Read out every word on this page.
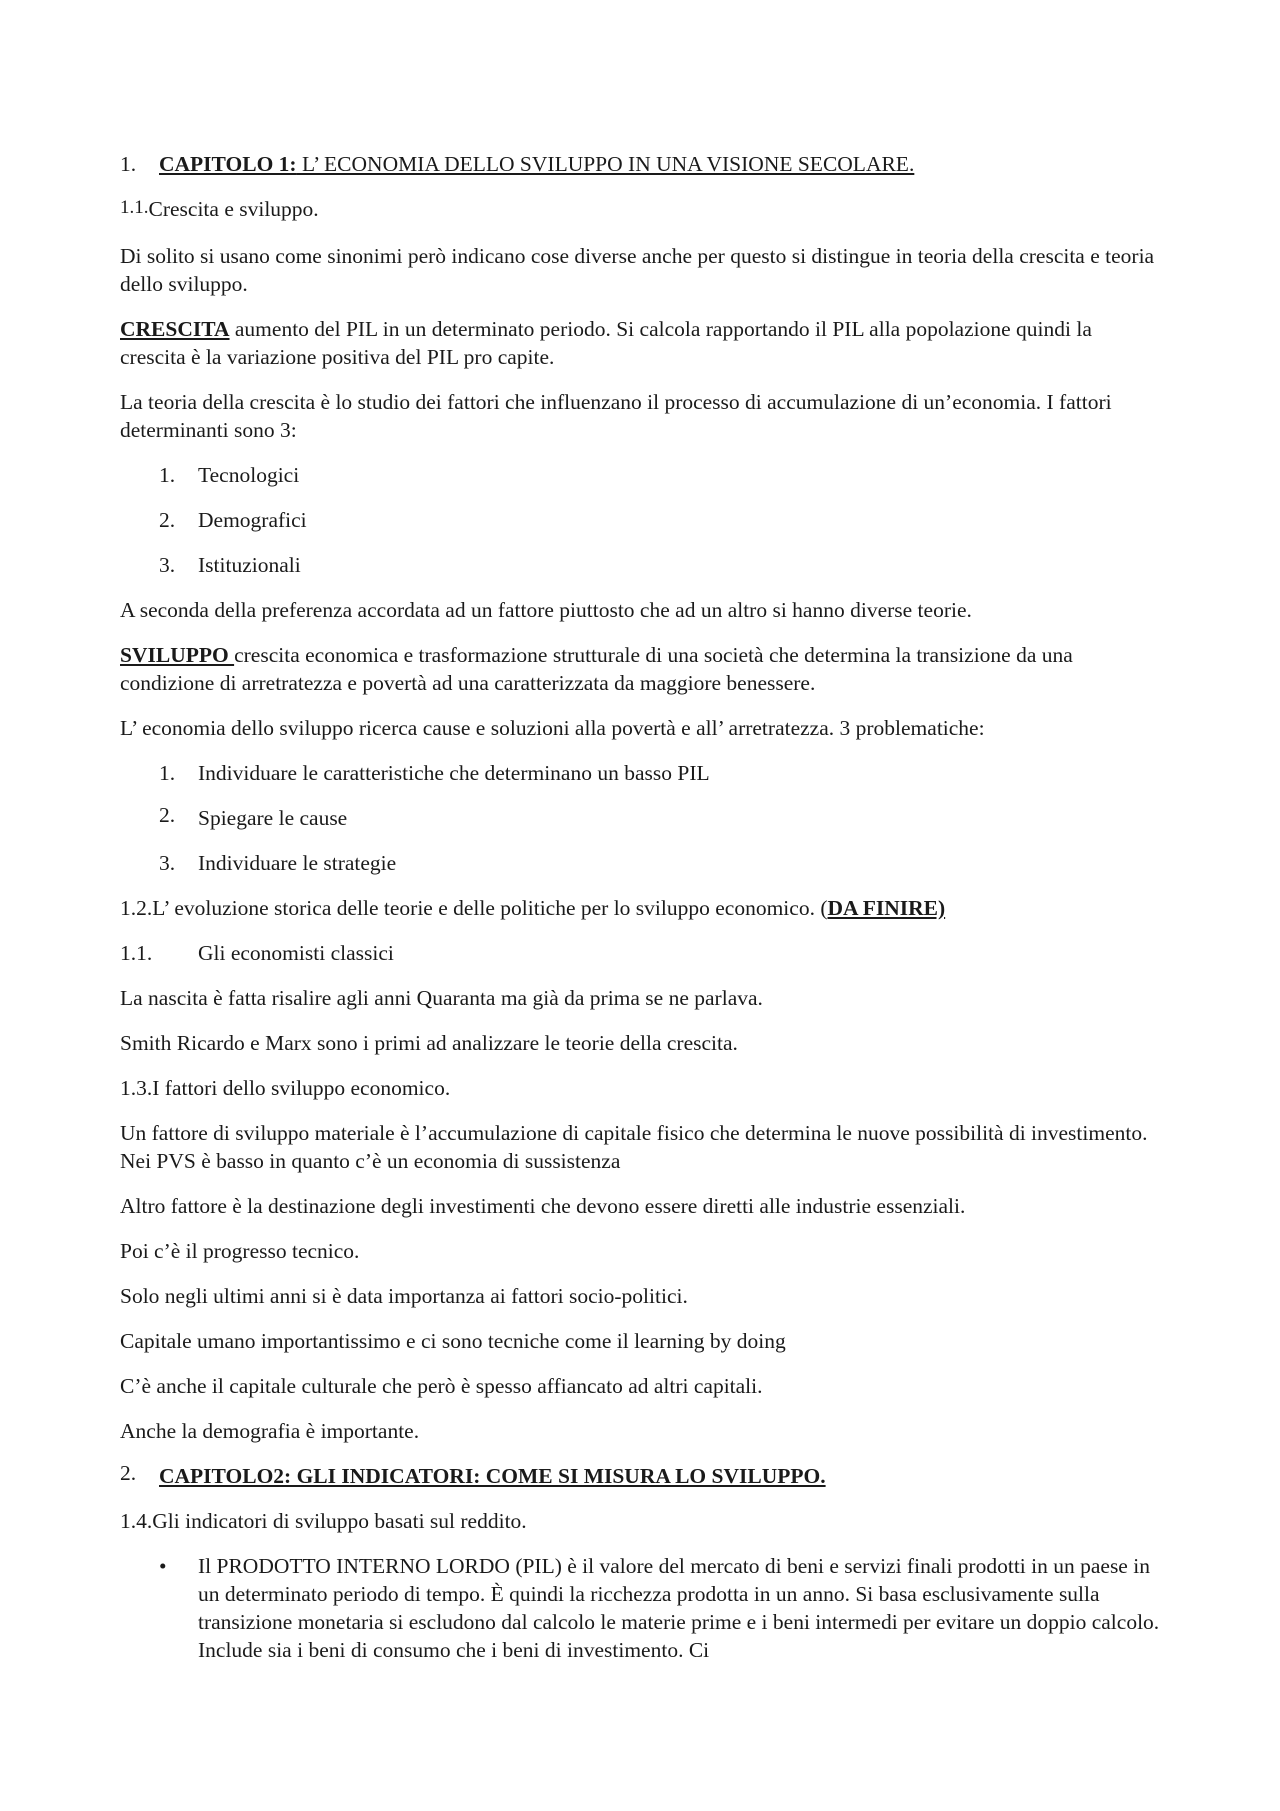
1.	CAPITOLO 1: L’ ECONOMIA DELLO SVILUPPO IN UNA VISIONE SECOLARE.
1.1.Crescita e sviluppo.

Di solito si usano come sinonimi però indicano cose diverse anche per questo si distingue in teoria della crescita e teoria dello sviluppo.

CRESCITA aumento del PIL in un determinato periodo. Si calcola rapportando il PIL alla popolazione quindi la crescita è la variazione positiva del PIL pro capite.

La teoria della crescita è lo studio dei fattori che influenzano il processo di accumulazione di un’economia. I fattori determinanti sono 3:

1.	Tecnologici
2.	Demografici
3.	Istituzionali

A seconda della preferenza accordata ad un fattore piuttosto che ad un altro si hanno diverse teorie.

SVILUPPO crescita economica e trasformazione strutturale di una società che determina la transizione da una condizione di arretratezza e povertà ad una caratterizzata da maggiore benessere.

L’ economia dello sviluppo ricerca cause e soluzioni alla povertà e all’ arretratezza. 3 problematiche:

1.	Individuare le caratteristiche che determinano un basso PIL
2.	Spiegare le cause
3.	Individuare le strategie

1.2.L’ evoluzione storica delle teorie e delle politiche per lo sviluppo economico. (DA FINIRE)

1.1.	Gli economisti classici

La nascita è fatta risalire agli anni Quaranta ma già da prima se ne parlava.

Smith Ricardo e Marx sono i primi ad analizzare le teorie della crescita.

1.3.I fattori dello sviluppo economico.

Un fattore di sviluppo materiale è l’accumulazione di capitale fisico che determina le nuove possibilità di investimento. Nei PVS è basso in quanto c’è un economia di sussistenza

Altro fattore è la destinazione degli investimenti che devono essere diretti alle industrie essenziali.

Poi c’è il progresso tecnico.

Solo negli ultimi anni si è data importanza ai fattori socio-politici.

Capitale umano importantissimo e ci sono tecniche come il learning by doing

C’è anche il capitale culturale che però è spesso affiancato ad altri capitali.

Anche la demografia è importante.

2.	CAPITOLO2: GLI INDICATORI: COME SI MISURA LO SVILUPPO.

1.4.Gli indicatori di sviluppo basati sul reddito.

•	Il PRODOTTO INTERNO LORDO (PIL) è il valore del mercato di beni e servizi finali prodotti in un paese in un determinato periodo di tempo. È quindi la ricchezza prodotta in un anno. Si basa esclusivamente sulla transizione monetaria si escludono dal calcolo le materie prime e i beni intermedi per evitare un doppio calcolo. Include sia i beni di consumo che i beni di investimento. Ci
